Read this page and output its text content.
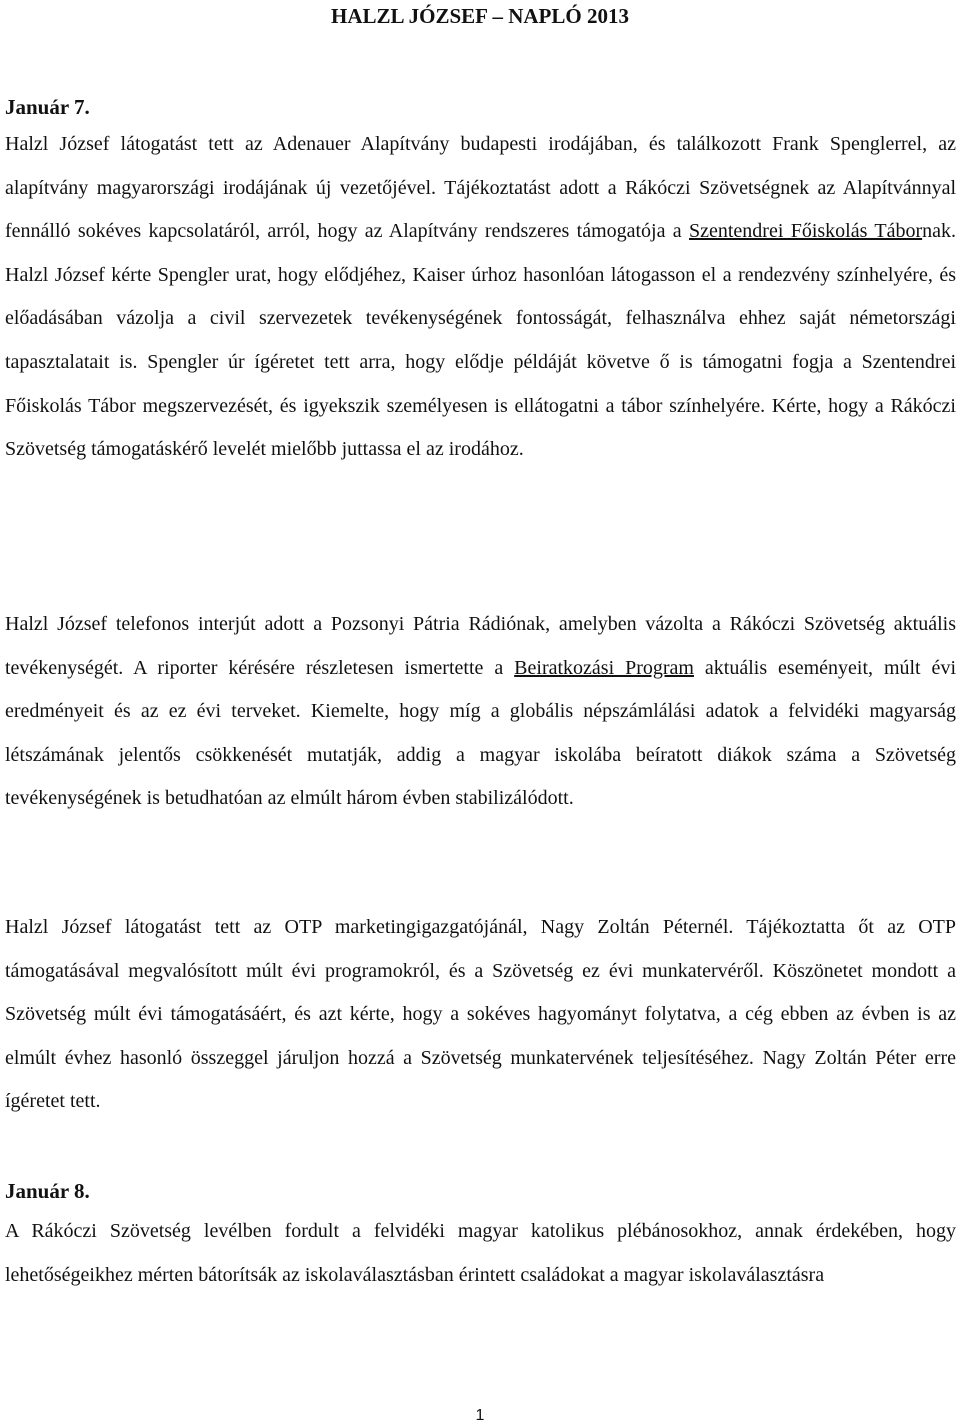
HALZL JÓZSEF – NAPLÓ 2013
Január 7.

Halzl József látogatást tett az Adenauer Alapítvány budapesti irodájában, és találkozott Frank Spenglerrel, az alapítvány magyarországi irodájának új vezetőjével. Tájékoztatást adott a Rákóczi Szövetségnek az Alapítvánnyal fennálló sokéves kapcsolatáról, arról, hogy az Alapítvány rendszeres támogatója a Szentendrei Főiskolás Tábornak. Halzl József kérte Spengler urat, hogy elődjéhez, Kaiser úrhoz hasonlóan látogasson el a rendezvény színhelyére, és előadásában vázolja a civil szervezetek tevékenységének fontosságát, felhasználva ehhez saját németországi tapasztalatait is. Spengler úr ígéretet tett arra, hogy elődje példáját követve ő is támogatni fogja a Szentendrei Főiskolás Tábor megszervezését, és igyekszik személyesen is ellátogatni a tábor színhelyére. Kérte, hogy a Rákóczi Szövetség támogatáskérő levelét mielőbb juttassa el az irodához.

Halzl József telefonos interjút adott a Pozsonyi Pátria Rádiónak, amelyben vázolta a Rákóczi Szövetség aktuális tevékenységét. A riporter kérésére részletesen ismertette a Beiratkozási Program aktuális eseményeit, múlt évi eredményeit és az ez évi terveket. Kiemelte, hogy míg a globális népszámlálási adatok a felvidéki magyarság létszámának jelentős csökkenését mutatják, addig a magyar iskolába beíratott diákok száma a Szövetség tevékenységének is betudhatóan az elmúlt három évben stabilizálódott.

Halzl József látogatást tett az OTP marketingigazgatójánál, Nagy Zoltán Péternél. Tájékoztatta őt az OTP támogatásával megvalósított múlt évi programokról, és a Szövetség ez évi munkatervéről. Köszönetet mondott a Szövetség múlt évi támogatásáért, és azt kérte, hogy a sokéves hagyományt folytatva, a cég ebben az évben is az elmúlt évhez hasonló összeggel járuljon hozzá a Szövetség munkatervének teljesítéséhez. Nagy Zoltán Péter erre ígéretet tett.

Január 8.

A Rákóczi Szövetség levélben fordult a felvidéki magyar katolikus plébánosokhoz, annak érdekében, hogy lehetőségeikhez mérten bátorítsák az iskolaválasztásban érintett családokat a magyar iskolaválasztásra

1
